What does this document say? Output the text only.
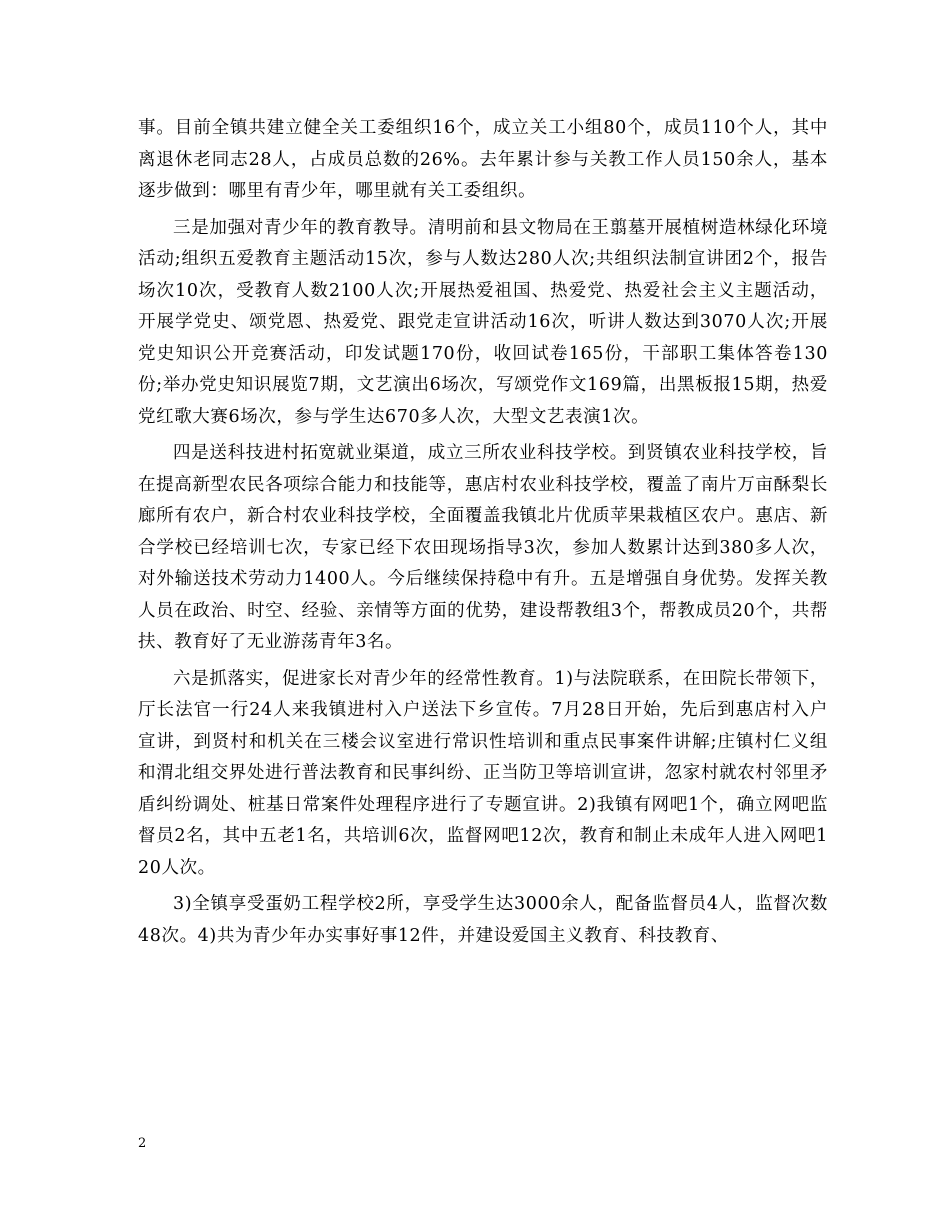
事。目前全镇共建立健全关工委组织16个，成立关工小组80个，成员110个人，其中离退休老同志28人，占成员总数的26%。去年累计参与关教工作人员150余人，基本逐步做到：哪里有青少年，哪里就有关工委组织。

三是加强对青少年的教育教导。清明前和县文物局在王翦墓开展植树造林绿化环境活动;组织五爱教育主题活动15次，参与人数达280人次;共组织法制宣讲团2个，报告场次10次，受教育人数2100人次;开展热爱祖国、热爱党、热爱社会主义主题活动，开展学党史、颂党恩、热爱党、跟党走宣讲活动16次，听讲人数达到3070人次;开展党史知识公开竞赛活动，印发试题170份，收回试卷165份，干部职工集体答卷130份;举办党史知识展览7期，文艺演出6场次，写颂党作文169篇，出黑板报15期，热爱党红歌大赛6场次，参与学生达670多人次，大型文艺表演1次。

四是送科技进村拓宽就业渠道，成立三所农业科技学校。到贤镇农业科技学校，旨在提高新型农民各项综合能力和技能等，惠店村农业科技学校，覆盖了南片万亩酥梨长廊所有农户，新合村农业科技学校，全面覆盖我镇北片优质苹果栽植区农户。惠店、新合学校已经培训七次，专家已经下农田现场指导3次，参加人数累计达到380多人次，对外输送技术劳动力1400人。今后继续保持稳中有升。五是增强自身优势。发挥关教人员在政治、时空、经验、亲情等方面的优势，建设帮教组3个，帮教成员20个，共帮扶、教育好了无业游荡青年3名。

六是抓落实，促进家长对青少年的经常性教育。1)与法院联系，在田院长带领下，厅长法官一行24人来我镇进村入户送法下乡宣传。7月28日开始，先后到惠店村入户宣讲，到贤村和机关在三楼会议室进行常识性培训和重点民事案件讲解;庄镇村仁义组和渭北组交界处进行普法教育和民事纠纷、正当防卫等培训宣讲，忽家村就农村邻里矛盾纠纷调处、桩基日常案件处理程序进行了专题宣讲。2)我镇有网吧1个，确立网吧监督员2名，其中五老1名，共培训6次，监督网吧12次，教育和制止未成年人进入网吧120人次。

3)全镇享受蛋奶工程学校2所，享受学生达3000余人，配备监督员4人，监督次数48次。4)共为青少年办实事好事12件，并建设爱国主义教育、科技教育、

2
